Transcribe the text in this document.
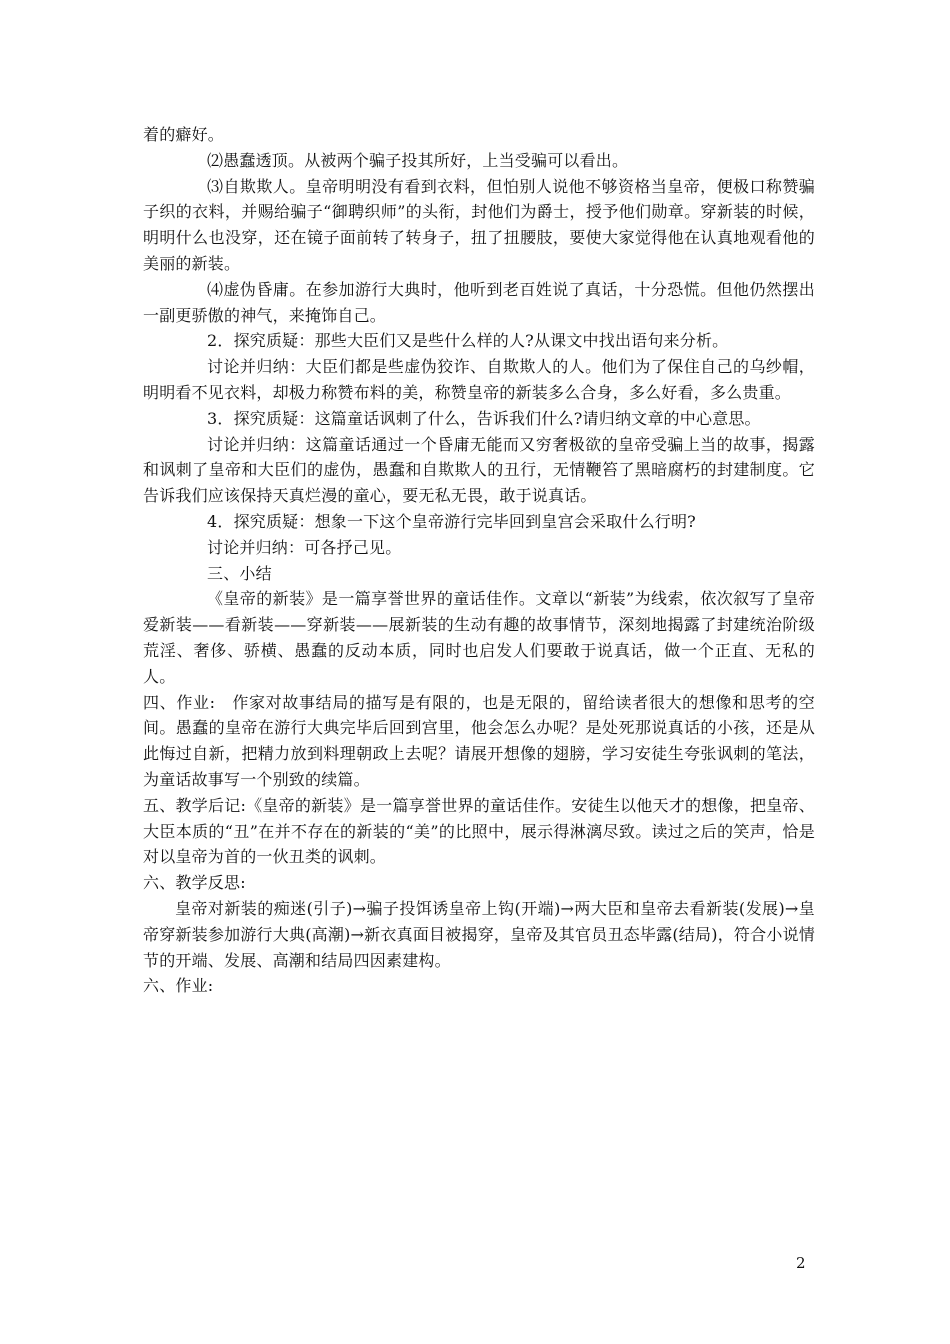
着的癖好。

⑵愚蠢透顶。从被两个骗子投其所好，上当受骗可以看出。

⑶自欺欺人。皇帝明明没有看到衣料，但怕别人说他不够资格当皇帝，便极口称赞骗子织的衣料，并赐给骗子“御聘织师”的头衔，封他们为爵士，授予他们勋章。穿新装的时候，明明什么也没穿，还在镜子面前转了转身子，扭了扭腰肢，要使大家觉得他在认真地观看他的美丽的新装。

⑷虚伪昏庸。在参加游行大典时，他听到老百姓说了真话，十分恐慌。但他仍然摆出一副更骄傲的神气，来掩饰自己。

2．探究质疑：那些大臣们又是些什么样的人?从课文中找出语句来分析。

讨论并归纳：大臣们都是些虚伪狡诈、自欺欺人的人。他们为了保住自己的乌纱帽，明明看不见衣料，却极力称赞布料的美，称赞皇帝的新装多么合身，多么好看，多么贵重。

3．探究质疑：这篇童话讽刺了什么，告诉我们什么?请归纳文章的中心意思。

讨论并归纳：这篇童话通过一个昏庸无能而又穷奢极欲的皇帝受骗上当的故事，揭露和讽刺了皇帝和大臣们的虚伪，愚蠢和自欺欺人的丑行，无情鞭笞了黑暗腐朽的封建制度。它告诉我们应该保持天真烂漫的童心，要无私无畏，敢于说真话。

4．探究质疑：想象一下这个皇帝游行完毕回到皇宫会采取什么行明?

讨论并归纳：可各抒己见。

三、小结

《皇帝的新装》是一篇享誉世界的童话佳作。文章以“新装”为线索，依次叙写了皇帝爱新装——看新装——穿新装——展新装的生动有趣的故事情节，深刻地揭露了封建统治阶级荒淫、奢侈、骄横、愚蠢的反动本质，同时也启发人们要敢于说真话，做一个正直、无私的人。

四、作业:　作家对故事结局的描写是有限的，也是无限的，留给读者很大的想像和思考的空间。愚蠢的皇帝在游行大典完毕后回到宫里，他会怎么办呢？是处死那说真话的小孩，还是从此悔过自新，把精力放到料理朝政上去呢？请展开想像的翅膀，学习安徒生夸张讽刺的笔法，为童话故事写一个别致的续篇。

五、教学后记:《皇帝的新装》是一篇享誉世界的童话佳作。安徒生以他天才的想像，把皇帝、大臣本质的“丑”在并不存在的新装的“美”的比照中，展示得淋漓尽致。读过之后的笑声，恰是对以皇帝为首的一伙丑类的讽刺。

六、教学反思:

皇帝对新装的痴迷(引子)→骗子投饵诱皇帝上钩(开端)→两大臣和皇帝去看新装(发展)→皇帝穿新装参加游行大典(高潮)→新衣真面目被揭穿，皇帝及其官员丑态毕露(结局)，符合小说情节的开端、发展、高潮和结局四因素建构。

六、作业:

2
